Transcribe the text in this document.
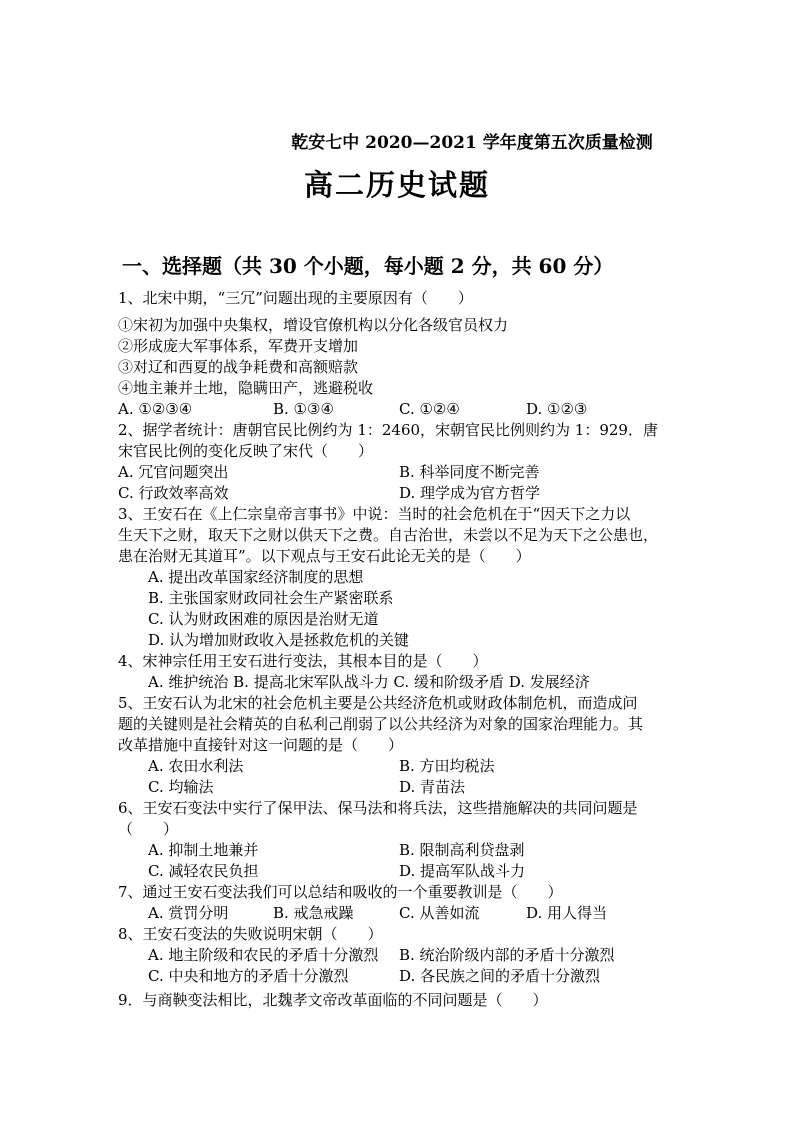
乾安七中 2020—2021 学年度第五次质量检测
高二历史试题
一、选择题（共 30 个小题，每小题 2 分，共 60 分）
1、北宋中期，“三冗”问题出现的主要原因有（　　）
①宋初为加强中央集权，增设官僚机构以分化各级官员权力
②形成庞大军事体系，军费开支增加
③对辽和西夏的战争耗费和高额赔款
④地主兼并土地，隐瞒田产，逃避税收
A. ①②③④	B. ①③④	C. ①②④	D. ①②③
2、据学者统计：唐朝官民比例约为 1：2460，宋朝官民比例则约为 1：929．唐
宋官民比例的变化反映了宋代（　　）
A. 冗官问题突出	B. 科举同度不断完善
C. 行政效率高效	D. 理学成为官方哲学
3、王安石在《上仁宗皇帝言事书》中说：当时的社会危机在于“因天下之力以
生天下之财，取天下之财以供天下之费。自古治世，未尝以不足为天下之公患也，
患在治财无其道耳”。以下观点与王安石此论无关的是（　　）
A. 提出改革国家经济制度的思想
B. 主张国家财政同社会生产紧密联系
C. 认为财政困难的原因是治财无道
D. 认为增加财政收入是拯救危机的关键
4、宋神宗任用王安石进行变法，其根本目的是（　　）
A. 维护统治 B. 提高北宋军队战斗力 C. 缓和阶级矛盾 D. 发展经济
5、王安石认为北宋的社会危机主要是公共经济危机或财政体制危机，而造成问
题的关键则是社会精英的自私利己削弱了以公共经济为对象的国家治理能力。其
改革措施中直接针对这一问题的是（　　）
A. 农田水利法	B. 方田均税法
C. 均输法	D. 青苗法
6、王安石变法中实行了保甲法、保马法和将兵法，这些措施解决的共同问题是
（　　）
A. 抑制土地兼并	B. 限制高利贷盘剥
C. 减轻农民负担	D. 提高军队战斗力
7、通过王安石变法我们可以总结和吸收的一个重要教训是（　　）
A. 赏罚分明	B. 戒急戒躁	C. 从善如流	D. 用人得当
8、王安石变法的失败说明宋朝（　　）
A. 地主阶级和农民的矛盾十分激烈 B. 统治阶级内部的矛盾十分激烈
C. 中央和地方的矛盾十分激烈	D. 各民族之间的矛盾十分激烈
9．与商鞅变法相比，北魏孝文帝改革面临的不同问题是（　　）
